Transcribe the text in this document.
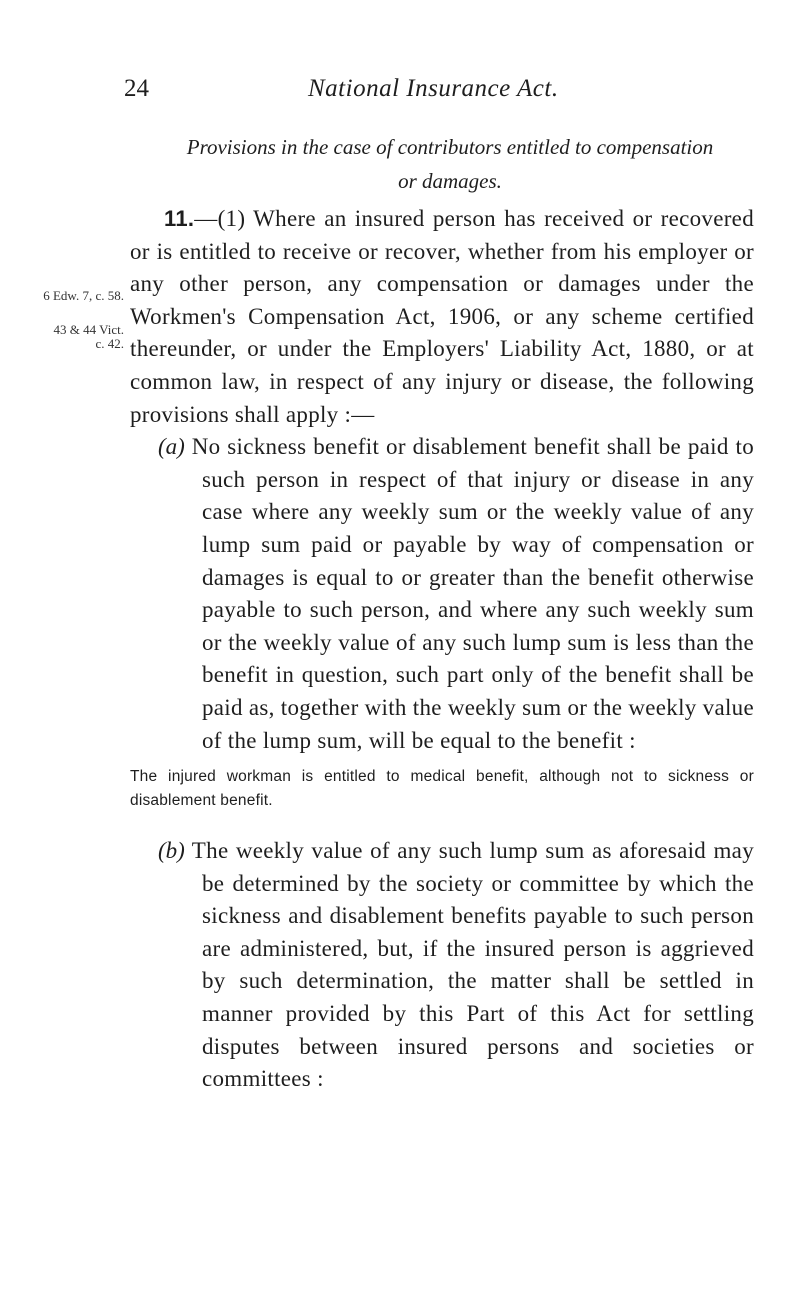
24	National Insurance Act.
Provisions in the case of contributors entitled to compensation
or damages.
6 Edw. 7, c. 58.
43 & 44 Vict.
c. 42.

11.—(1) Where an insured person has received or recovered or is entitled to receive or recover, whether from his employer or any other person, any compensation or damages under the Workmen's Compensation Act, 1906, or any scheme certified thereunder, or under the Employers' Liability Act, 1880, or at common law, in respect of any injury or disease, the following provisions shall apply :—

(a) No sickness benefit or disablement benefit shall be paid to such person in respect of that injury or disease in any case where any weekly sum or the weekly value of any lump sum paid or payable by way of compensation or damages is equal to or greater than the benefit otherwise payable to such person, and where any such weekly sum or the weekly value of any such lump sum is less than the benefit in question, such part only of the benefit shall be paid as, together with the weekly sum or the weekly value of the lump sum, will be equal to the benefit :

The injured workman is entitled to medical benefit, although not to sickness or disablement benefit.

(b) The weekly value of any such lump sum as aforesaid may be determined by the society or committee by which the sickness and disablement benefits payable to such person are administered, but, if the insured person is aggrieved by such determination, the matter shall be settled in manner provided by this Part of this Act for settling disputes between insured persons and societies or committees :
